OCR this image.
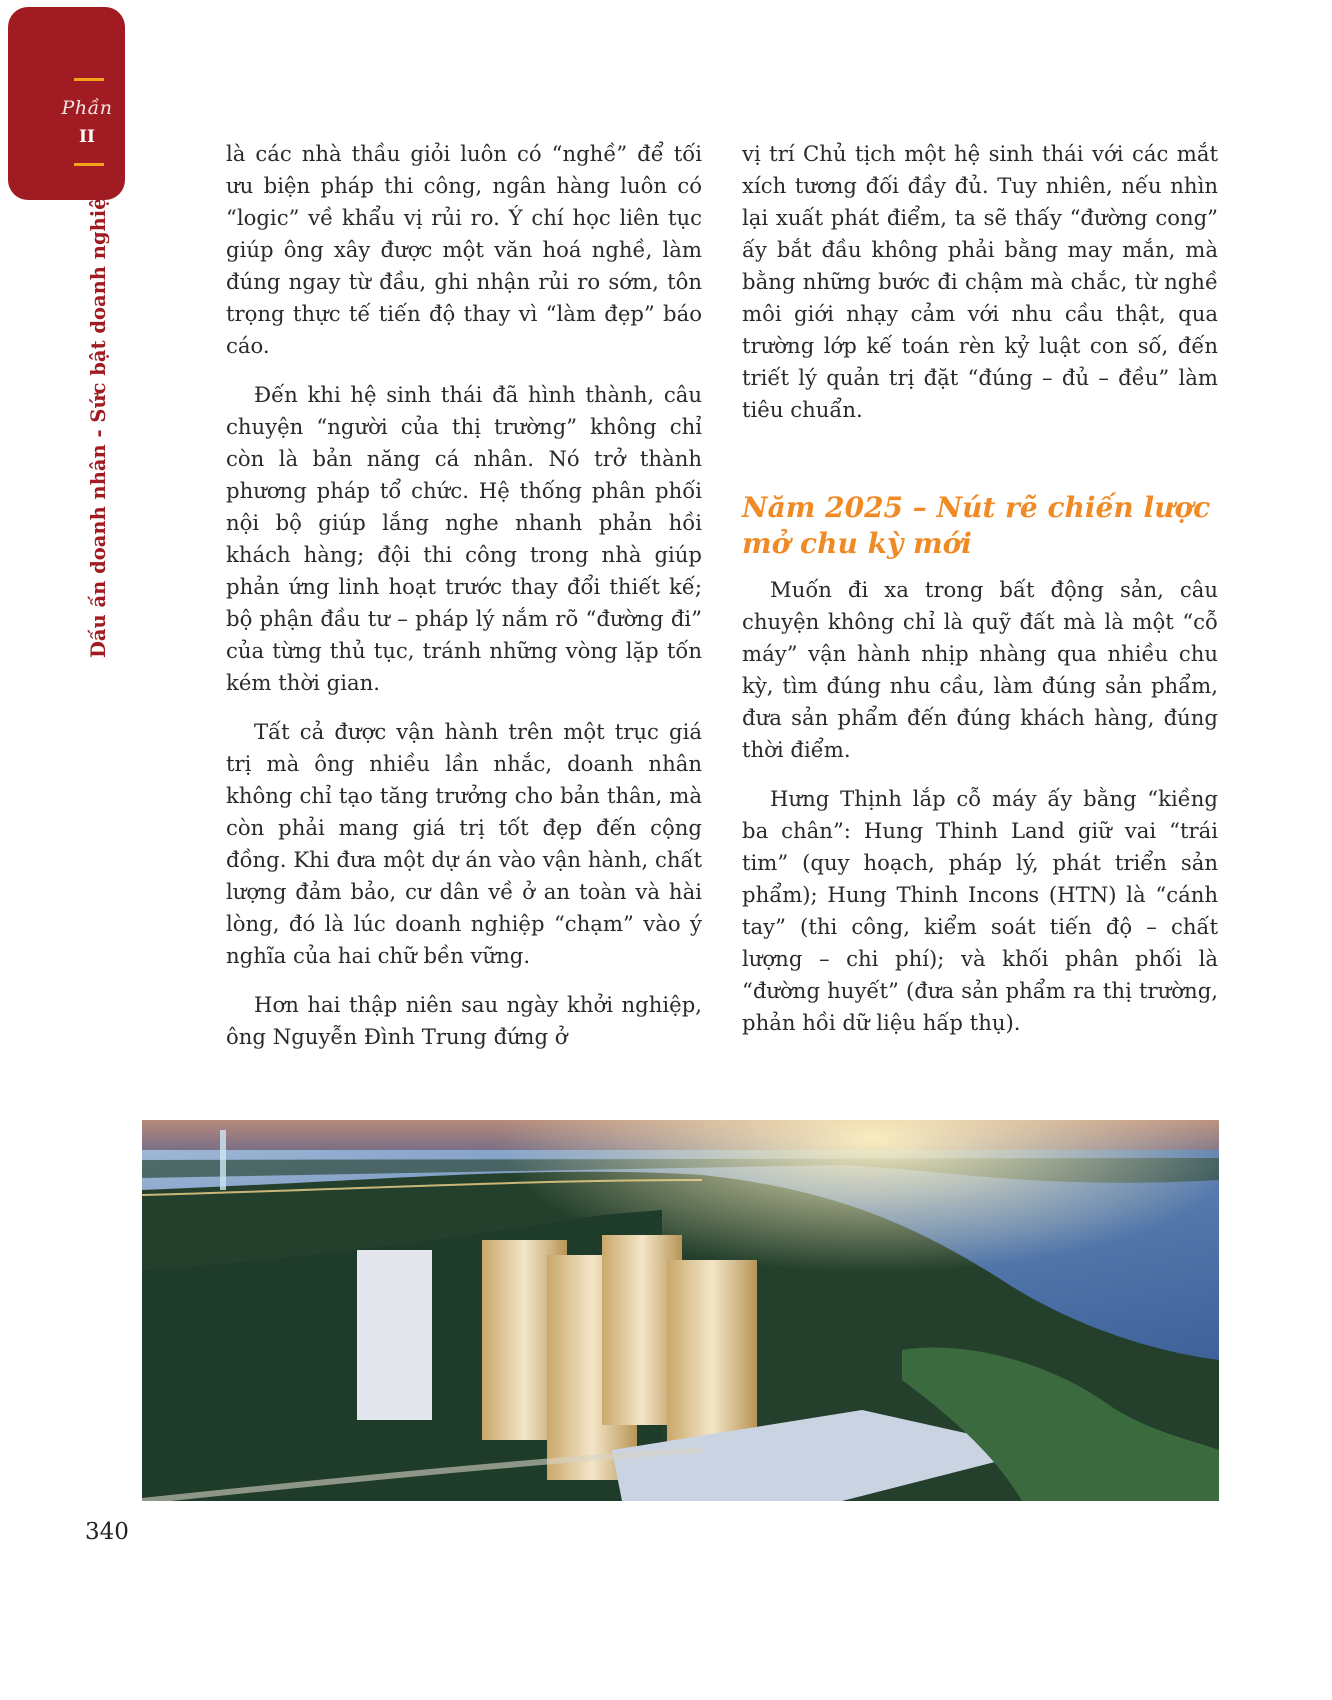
Phần
II
Dấu ấn doanh nhân - Sức bật doanh nghiệp

là các nhà thầu giỏi luôn có “nghề” để tối ưu biện pháp thi công, ngân hàng luôn có “logic” về khẩu vị rủi ro. Ý chí học liên tục giúp ông xây được một văn hoá nghề, làm đúng ngay từ đầu, ghi nhận rủi ro sớm, tôn trọng thực tế tiến độ thay vì “làm đẹp” báo cáo.

Đến khi hệ sinh thái đã hình thành, câu chuyện “người của thị trường” không chỉ còn là bản năng cá nhân. Nó trở thành phương pháp tổ chức. Hệ thống phân phối nội bộ giúp lắng nghe nhanh phản hồi khách hàng; đội thi công trong nhà giúp phản ứng linh hoạt trước thay đổi thiết kế; bộ phận đầu tư – pháp lý nắm rõ “đường đi” của từng thủ tục, tránh những vòng lặp tốn kém thời gian.

Tất cả được vận hành trên một trục giá trị mà ông nhiều lần nhắc, doanh nhân không chỉ tạo tăng trưởng cho bản thân, mà còn phải mang giá trị tốt đẹp đến cộng đồng. Khi đưa một dự án vào vận hành, chất lượng đảm bảo, cư dân về ở an toàn và hài lòng, đó là lúc doanh nghiệp “chạm” vào ý nghĩa của hai chữ bền vững.

Hơn hai thập niên sau ngày khởi nghiệp, ông Nguyễn Đình Trung đứng ở

vị trí Chủ tịch một hệ sinh thái với các mắt xích tương đối đầy đủ. Tuy nhiên, nếu nhìn lại xuất phát điểm, ta sẽ thấy “đường cong” ấy bắt đầu không phải bằng may mắn, mà bằng những bước đi chậm mà chắc, từ nghề môi giới nhạy cảm với nhu cầu thật, qua trường lớp kế toán rèn kỷ luật con số, đến triết lý quản trị đặt “đúng – đủ – đều” làm tiêu chuẩn.

Năm 2025 – Nút rẽ chiến lược mở chu kỳ mới

Muốn đi xa trong bất động sản, câu chuyện không chỉ là quỹ đất mà là một “cỗ máy” vận hành nhịp nhàng qua nhiều chu kỳ, tìm đúng nhu cầu, làm đúng sản phẩm, đưa sản phẩm đến đúng khách hàng, đúng thời điểm.

Hưng Thịnh lắp cỗ máy ấy bằng “kiềng ba chân”: Hung Thinh Land giữ vai “trái tim” (quy hoạch, pháp lý, phát triển sản phẩm); Hung Thinh Incons (HTN) là “cánh tay” (thi công, kiểm soát tiến độ – chất lượng – chi phí); và khối phân phối là “đường huyết” (đưa sản phẩm ra thị trường, phản hồi dữ liệu hấp thụ).

340
